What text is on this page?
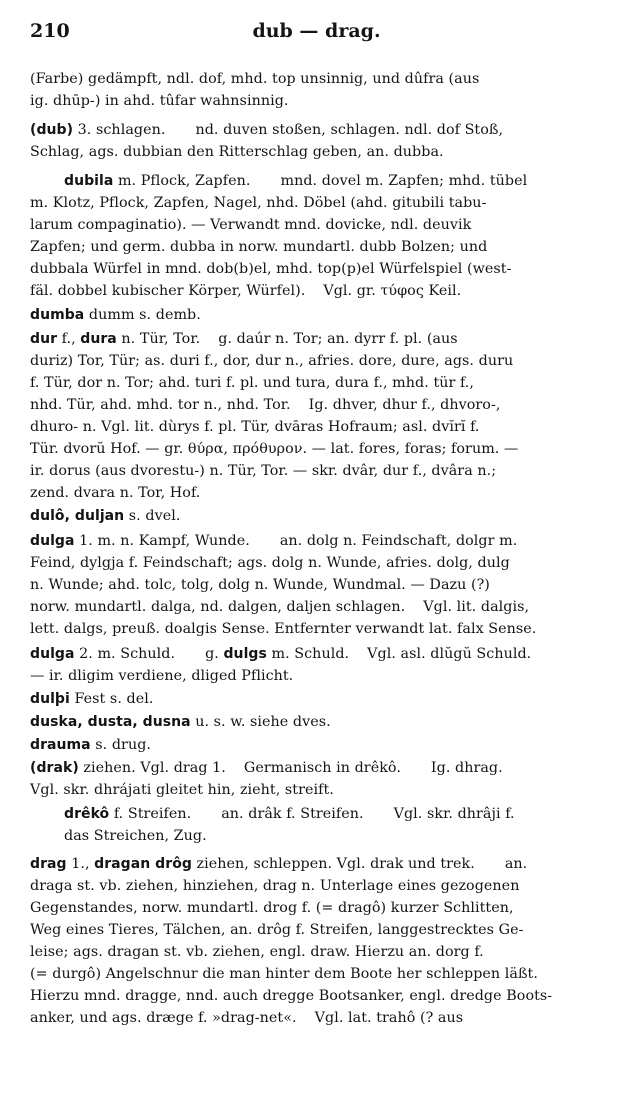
210	dub — drag.
(Farbe) gedämpft, ndl. dof, mhd. top unsinnig, und dûfra (aus
ig. dhūp-) in ahd. tûfar wahnsinnig.
(dub) 3. schlagen. nd. duven stoßen, schlagen. ndl. dof Stoß,
Schlag, ags. dubbian den Ritterschlag geben, an. dubba.
dubila m. Pflock, Zapfen. mnd. dovel m. Zapfen; mhd. tübel
m. Klotz, Pflock, Zapfen, Nagel, nhd. Döbel (ahd. gitubili tabu-
larum compaginatio). — Verwandt mnd. dovicke, ndl. deuvik
Zapfen; und germ. dubba in norw. mundartl. dubb Bolzen; und
dubbala Würfel in mnd. dob(b)el, mhd. top(p)el Würfelspiel (west-
fäl. dobbel kubischer Körper, Würfel). Vgl. gr. τύφος Keil.
dumba dumm s. demb.
dur f., dura n. Tür, Tor. g. daúr n. Tor; an. dyrr f. pl. (aus
duriz) Tor, Tür; as. duri f., dor, dur n., afries. dore, dure, ags. duru
f. Tür, dor n. Tor; ahd. turi f. pl. und tura, dura f., mhd. tür f.,
nhd. Tür, ahd. mhd. tor n., nhd. Tor. Ig. dhver, dhur f., dhvoro-,
dhuro- n. Vgl. lit. dùrys f. pl. Tür, dvāras Hofraum; asl. dvĭrĭ f.
Tür. dvorŭ Hof. — gr. θύρα, πρόθυρον. — lat. fores, foras; forum. —
ir. dorus (aus dvorestu-) n. Tür, Tor. — skr. dvâr, dur f., dvâra n.;
zend. dvara n. Tor, Hof.
dulô, duljan s. dvel.
dulga 1. m. n. Kampf, Wunde. an. dolg n. Feindschaft, dolgr m.
Feind, dylgja f. Feindschaft; ags. dolg n. Wunde, afries. dolg, dulg
n. Wunde; ahd. tolc, tolg, dolg n. Wunde, Wundmal. — Dazu (?)
norw. mundartl. dalga, nd. dalgen, daljen schlagen. Vgl. lit. dalgis,
lett. dalgs, preuß. doalgis Sense. Entfernter verwandt lat. falx Sense.
dulga 2. m. Schuld. g. dulgs m. Schuld. Vgl. asl. dlŭgŭ Schuld.
— ir. dligim verdiene, dliged Pflicht.
dulþi Fest s. del.
duska, dusta, dusna u. s. w. siehe dves.
drauma s. drug.
(drak) ziehen. Vgl. drag 1. Germanisch in drêkô. Ig. dhrag.
Vgl. skr. dhrájati gleitet hin, zieht, streift.
drêkô f. Streifen. an. drâk f. Streifen. Vgl. skr. dhrâji f.
das Streichen, Zug.
drag 1., dragan drôg ziehen, schleppen. Vgl. drak und trek. an.
draga st. vb. ziehen, hinziehen, drag n. Unterlage eines gezogenen
Gegenstandes, norw. mundartl. drog f. (= dragô) kurzer Schlitten,
Weg eines Tieres, Tälchen, an. drôg f. Streifen, langgestrecktes Ge-
leise; ags. dragan st. vb. ziehen, engl. draw. Hierzu an. dorg f.
(= durgô) Angelschnur die man hinter dem Boote her schleppen läßt.
Hierzu mnd. dragge, nnd. auch dregge Bootsanker, engl. dredge Boots-
anker, und ags. dræge f. »drag-net«. Vgl. lat. trahô (? aus
